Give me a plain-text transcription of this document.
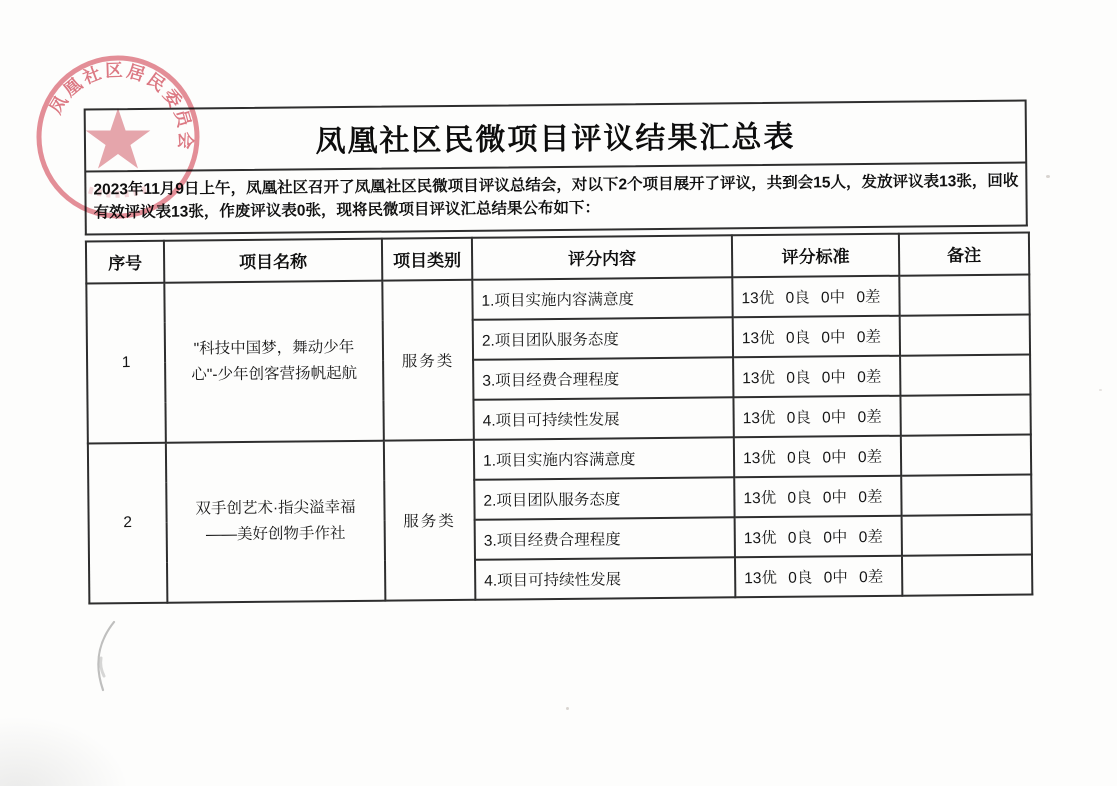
凤凰社区民微项目评议结果汇总表
2023年11月9日上午，凤凰社区召开了凤凰社区民微项目评议总结会，对以下2个项目展开了评议，共到会15人，发放评议表13张，回收有效评议表13张，作废评议表0张，现将民微项目评议汇总结果公布如下：
序号	项目名称	项目类别	评分内容	评分标准	备注
1	"科技中国梦，舞动少年心"-少年创客营扬帆起航	服务类	1.项目实施内容满意度	13优 0良 0中 0差	
			2.项目团队服务态度	13优 0良 0中 0差	
			3.项目经费合理程度	13优 0良 0中 0差	
			4.项目可持续性发展	13优 0良 0中 0差	
2	双手创艺术·指尖溢幸福——美好创物手作社	服务类	1.项目实施内容满意度	13优 0良 0中 0差	
			2.项目团队服务态度	13优 0良 0中 0差	
			3.项目经费合理程度	13优 0良 0中 0差	
			4.项目可持续性发展	13优 0良 0中 0差	
凤凰社区居民委员会
